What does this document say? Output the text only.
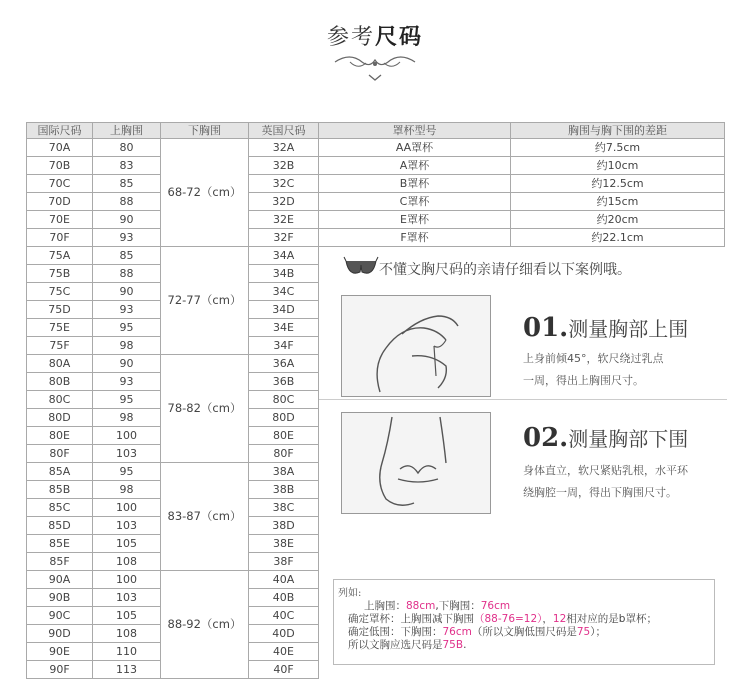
参考尺码
国际尺码	上胸围	下胸围	英国尺码	罩杯型号	胸围与胸下围的差距
70A	80	68-72（cm）	32A	AA罩杯	约7.5cm
70B	83		32B	A罩杯	约10cm
70C	85		32C	B罩杯	约12.5cm
70D	88		32D	C罩杯	约15cm
70E	90		32E	E罩杯	约20cm
70F	93		32F	F罩杯	约22.1cm
75A	85	72-77（cm）	34A		
75B	88		34B		
75C	90		34C		
75D	93		34D		
75E	95		34E		
75F	98		34F		
80A	90	78-82（cm）	36A		
80B	93		36B		
80C	95		80C		
80D	98		80D		
80E	100		80E		
80F	103		80F		
85A	95	83-87（cm）	38A		
85B	98		38B		
85C	100		38C		
85D	103		38D		
85E	105		38E		
85F	108		38F		
90A	100	88-92（cm）	40A		
90B	103		40B		
90C	105		40C		
90D	108		40D		
90E	110		40E		
90F	113		40F		
不懂文胸尺码的亲请仔细看以下案例哦。
01.测量胸部上围
上身前倾45°，软尺绕过乳点
一周，得出上胸围尺寸。
02.测量胸部下围
身体直立，软尺紧贴乳根，水平环
绕胸腔一周，得出下胸围尺寸。
列如:
上胸围：88cm,下胸围：76cm
确定罩杯：上胸围减下胸围（88-76=12），12相对应的是b罩杯；
确定低围：下胸围：76cm（所以文胸低围尺码是75）；
所以文胸应选尺码是75B.
